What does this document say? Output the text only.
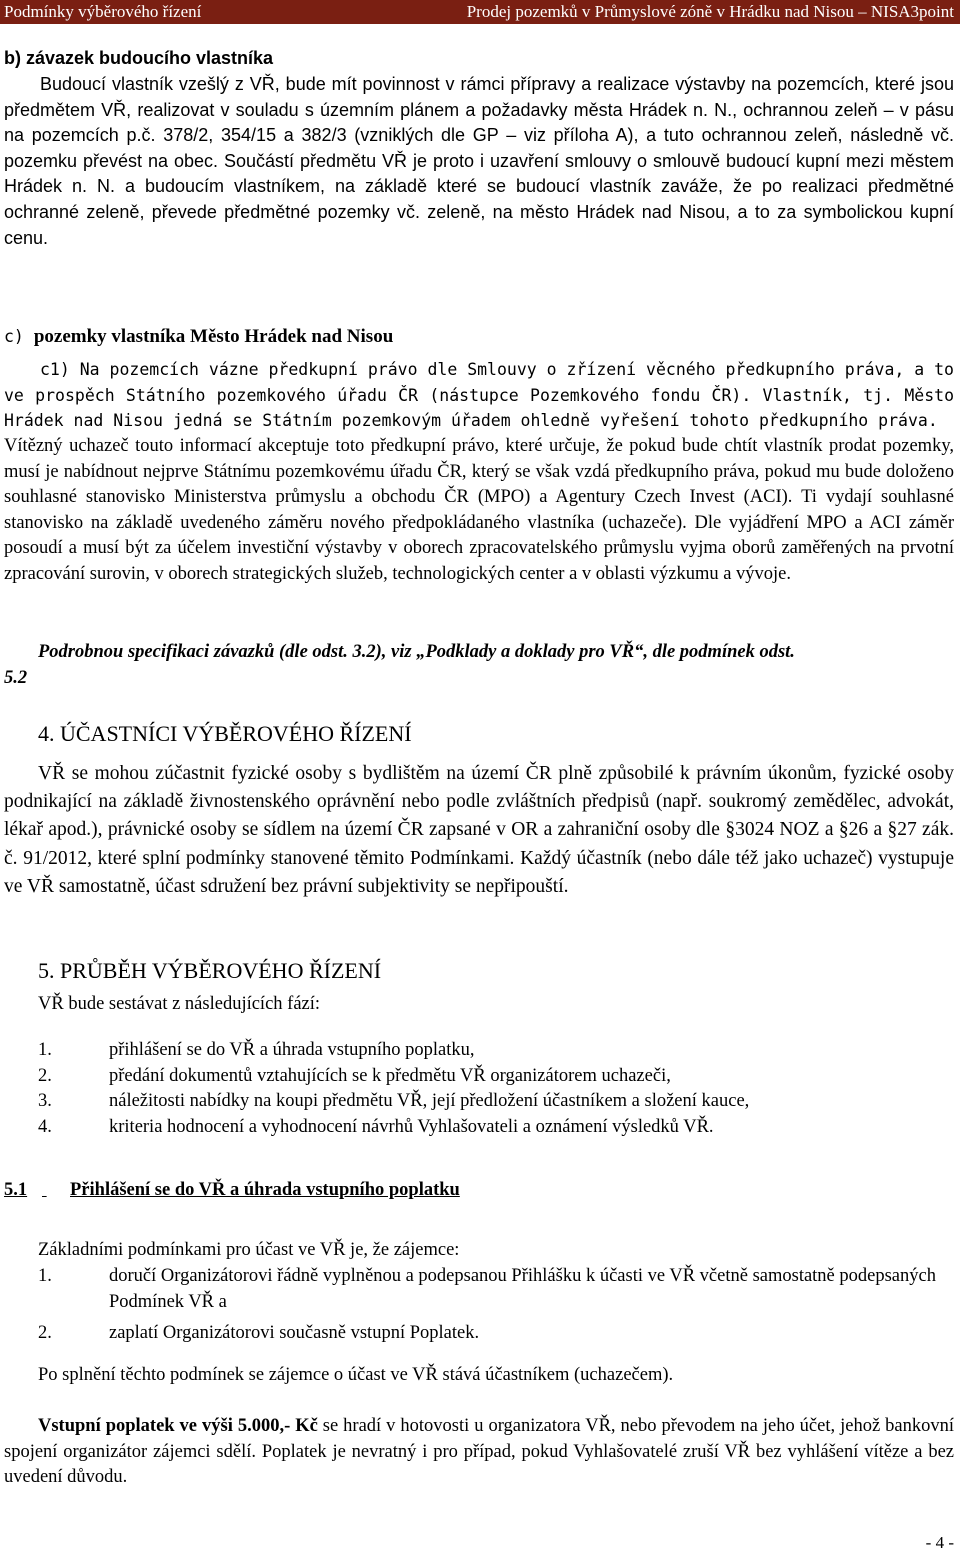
Podmínky výběrového řízení	Prodej pozemků v Průmyslové zóně v Hrádku nad Nisou – NISA3point

b) závazek budoucího vlastníka

Budoucí vlastník vzešlý z VŘ, bude mít povinnost v rámci přípravy a realizace výstavby na pozemcích, které jsou předmětem VŘ, realizovat v souladu s územním plánem a požadavky města Hrádek n. N., ochrannou zeleň – v pásu na pozemcích p.č. 378/2, 354/15 a 382/3 (vzniklých dle GP – viz příloha A), a tuto ochrannou zeleň, následně vč. pozemku převést na obec. Součástí předmětu VŘ je proto i uzavření smlouvy o smlouvě budoucí kupní mezi městem Hrádek n. N. a budoucím vlastníkem, na základě které se budoucí vlastník zaváže, že po realizaci předmětné ochranné zeleně, převede předmětné pozemky vč. zeleně, na město Hrádek nad Nisou, a to za symbolickou kupní cenu.

c) pozemky vlastníka Město Hrádek nad Nisou

c1) Na pozemcích vázne předkupní právo dle Smlouvy o zřízení věcného předkupního práva, a to ve prospěch Státního pozemkového úřadu ČR (nástupce Pozemkového fondu ČR). Vlastník, tj. Město Hrádek nad Nisou jedná se Státním pozemkovým úřadem ohledně vyřešení tohoto předkupního práva.

Vítězný uchazeč touto informací akceptuje toto předkupní právo, které určuje, že pokud bude chtít vlastník prodat pozemky, musí je nabídnout nejprve Státnímu pozemkovému úřadu ČR, který se však vzdá předkupního práva, pokud mu bude doloženo souhlasné stanovisko Ministerstva průmyslu a obchodu ČR (MPO) a Agentury Czech Invest (ACI). Ti vydají souhlasné stanovisko na základě uvedeného záměru nového předpokládaného vlastníka (uchazeče). Dle vyjádření MPO a ACI záměr posoudí a musí být za účelem investiční výstavby v oborech zpracovatelského průmyslu vyjma oborů zaměřených na prvotní zpracování surovin, v oborech strategických služeb, technologických center a v oblasti výzkumu a vývoje.

Podrobnou specifikaci závazků (dle odst. 3.2), viz „Podklady a doklady pro VŘ“, dle podmínek odst.

5.2

4. ÚČASTNÍCI VÝBĚROVÉHO ŘÍZENÍ

VŘ se mohou zúčastnit fyzické osoby s bydlištěm na území ČR plně způsobilé k právním úkonům, fyzické osoby podnikající na základě živnostenského oprávnění nebo podle zvláštních předpisů (např. soukromý zemědělec, advokát, lékař apod.), právnické osoby se sídlem na území ČR zapsané v OR a zahraniční osoby dle §3024 NOZ a §26 a §27 zák. č. 91/2012, které splní podmínky stanovené těmito Podmínkami. Každý účastník (nebo dále též jako uchazeč) vystupuje ve VŘ samostatně, účast sdružení bez právní subjektivity se nepřipouští.

5. PRŮBĚH VÝBĚROVÉHO ŘÍZENÍ

VŘ bude sestávat z následujících fází:

1.	přihlášení se do VŘ a úhrada vstupního poplatku,
2.	předání dokumentů vztahujících se k předmětu VŘ organizátorem uchazeči,
3.	náležitosti nabídky na koupi předmětu VŘ, její předložení účastníkem a složení kauce,
4.	kriteria hodnocení a vyhodnocení návrhů Vyhlašovateli a oznámení výsledků VŘ.

5.1 Přihlášení se do VŘ a úhrada vstupního poplatku

Základními podmínkami pro účast ve VŘ je, že zájemce:

1.	doručí Organizátorovi řádně vyplněnou a podepsanou Přihlášku k účasti ve VŘ včetně samostatně podepsaných Podmínek VŘ a
2.	zaplatí Organizátorovi současně vstupní Poplatek.

Po splnění těchto podmínek se zájemce o účast ve VŘ stává účastníkem (uchazečem).

Vstupní poplatek ve výši 5.000,- Kč se hradí v hotovosti u organizatora VŘ, nebo převodem na jeho účet, jehož bankovní spojení organizátor zájemci sdělí. Poplatek je nevratný i pro případ, pokud Vyhlašovatelé zruší VŘ bez vyhlášení vítěze a bez uvedení důvodu.

- 4 -
